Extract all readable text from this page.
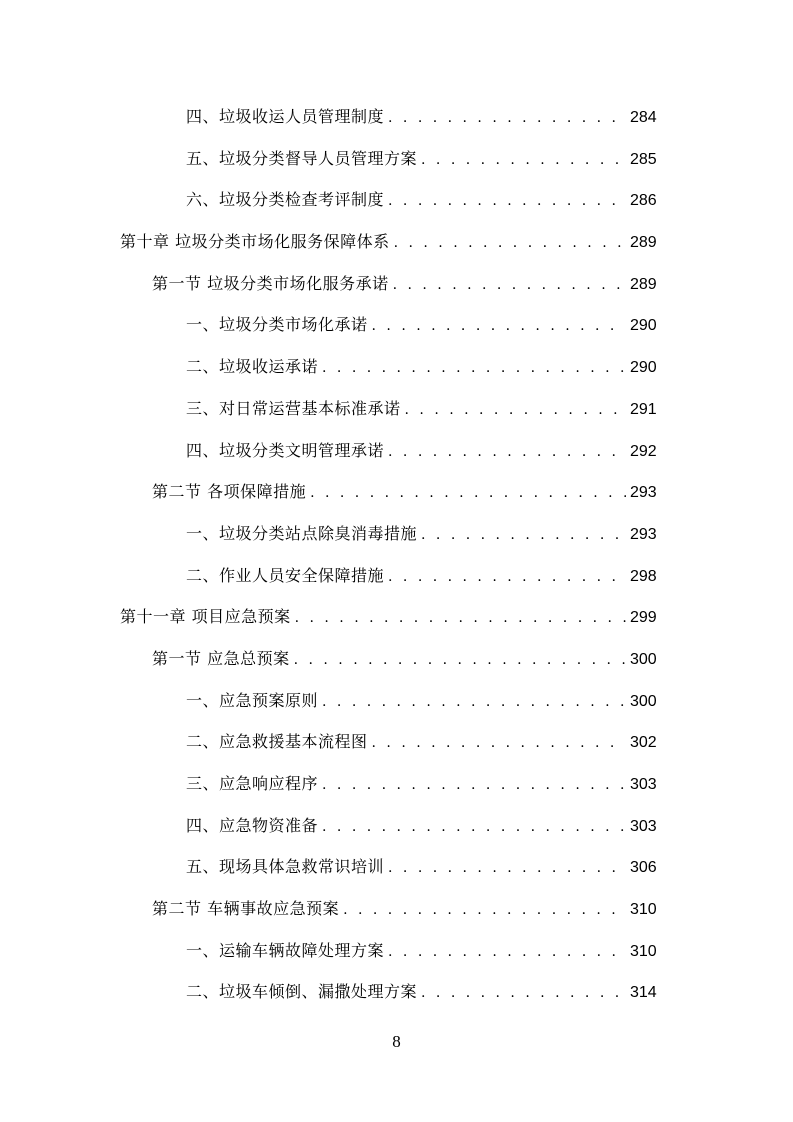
四、垃圾收运人员管理制度 . . .	284
五、垃圾分类督导人员管理方案 . . .	285
六、垃圾分类检查考评制度 . . .	286
第十章 垃圾分类市场化服务保障体系 . . .	289
第一节 垃圾分类市场化服务承诺 . . .	289
一、垃圾分类市场化承诺 . . .	290
二、垃圾收运承诺 . . .	290
三、对日常运营基本标准承诺 . . .	291
四、垃圾分类文明管理承诺 . . .	292
第二节 各项保障措施 . . .	293
一、垃圾分类站点除臭消毒措施 . . .	293
二、作业人员安全保障措施 . . .	298
第十一章 项目应急预案 . . .	299
第一节 应急总预案 . . .	300
一、应急预案原则 . . .	300
二、应急救援基本流程图 . . .	302
三、应急响应程序 . . .	303
四、应急物资准备 . . .	303
五、现场具体急救常识培训 . . .	306
第二节 车辆事故应急预案 . . .	310
一、运输车辆故障处理方案 . . .	310
二、垃圾车倾倒、漏撒处理方案 . . .	314
8
